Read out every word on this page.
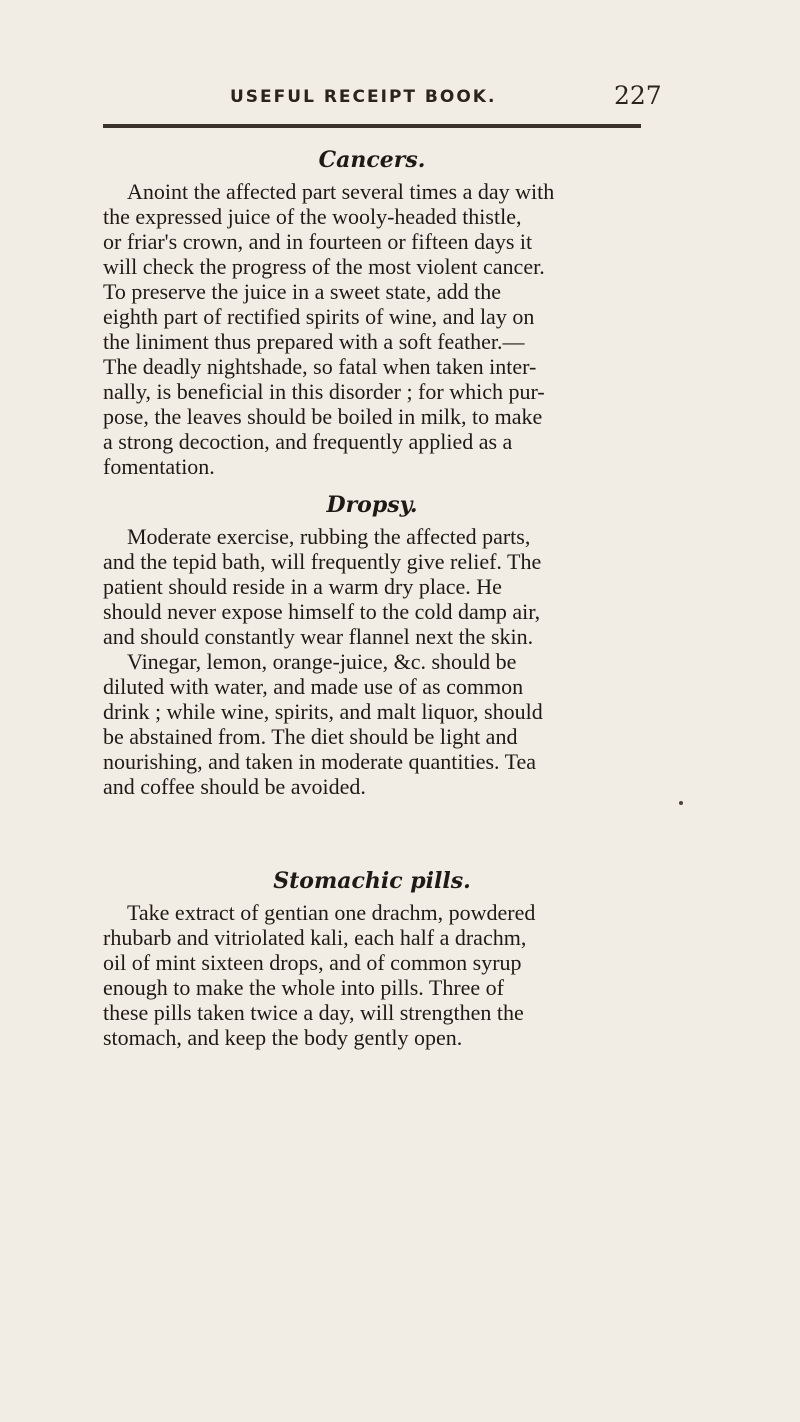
USEFUL RECEIPT BOOK.	227
Cancers.

Anoint the affected part several times a day with
the expressed juice of the wooly-headed thistle,
or friar's crown, and in fourteen or fifteen days it
will check the progress of the most violent cancer.
To preserve the juice in a sweet state, add the
eighth part of rectified spirits of wine, and lay on
the liniment thus prepared with a soft feather.—
The deadly nightshade, so fatal when taken inter-
nally, is beneficial in this disorder ; for which pur-
pose, the leaves should be boiled in milk, to make
a strong decoction, and frequently applied as a
fomentation.

Dropsy.

Moderate exercise, rubbing the affected parts,
and the tepid bath, will frequently give relief. The
patient should reside in a warm dry place. He
should never expose himself to the cold damp air,
and should constantly wear flannel next the skin.
Vinegar, lemon, orange-juice, &c. should be
diluted with water, and made use of as common
drink ; while wine, spirits, and malt liquor, should
be abstained from. The diet should be light and
nourishing, and taken in moderate quantities. Tea
and coffee should be avoided.

Stomachic pills.

Take extract of gentian one drachm, powdered
rhubarb and vitriolated kali, each half a drachm,
oil of mint sixteen drops, and of common syrup
enough to make the whole into pills. Three of
these pills taken twice a day, will strengthen the
stomach, and keep the body gently open.
